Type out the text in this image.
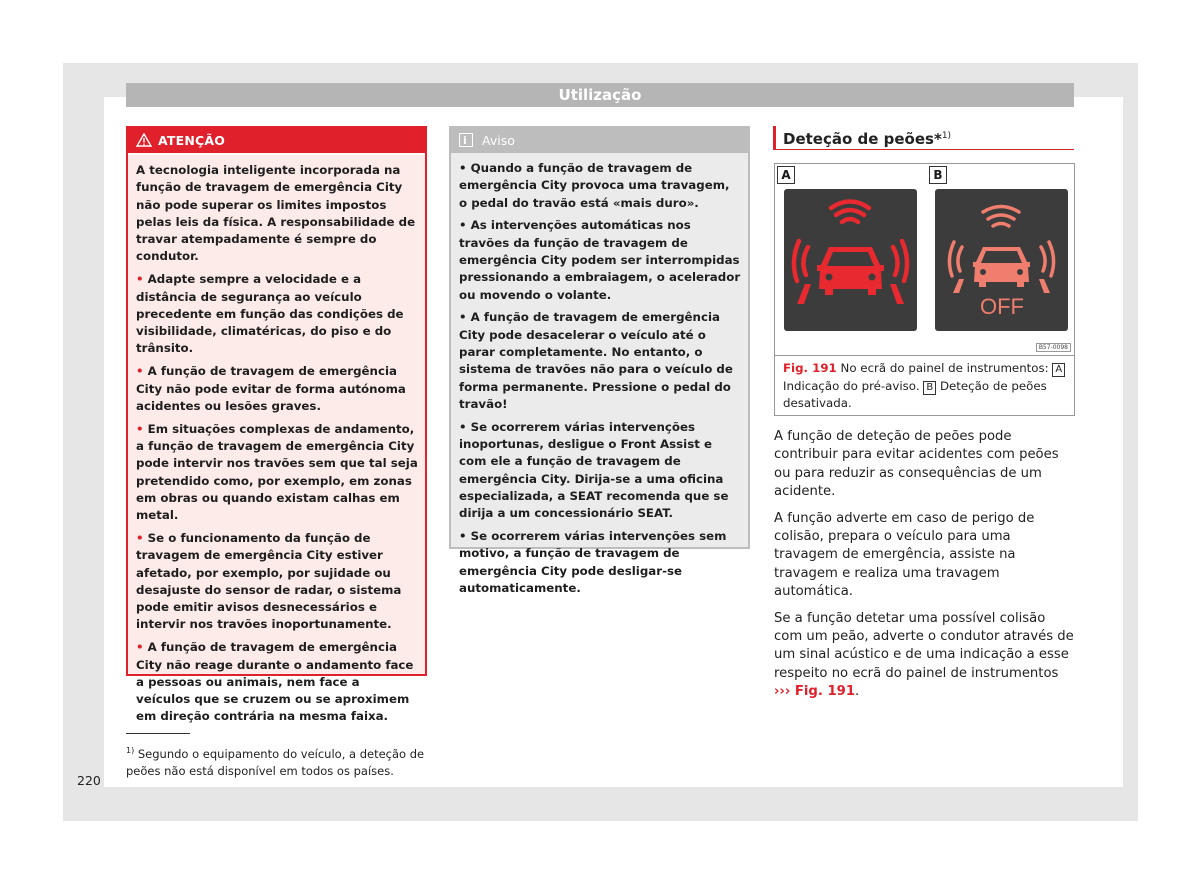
Utilização
ATENÇÃO

A tecnologia inteligente incorporada na função de travagem de emergência City não pode superar os limites impostos pelas leis da física. A responsabilidade de travar atempadamente é sempre do condutor.

• Adapte sempre a velocidade e a distância de segurança ao veículo precedente em função das condições de visibilidade, climatéricas, do piso e do trânsito.

• A função de travagem de emergência City não pode evitar de forma autónoma acidentes ou lesões graves.

• Em situações complexas de andamento, a função de travagem de emergência City pode intervir nos travões sem que tal seja pretendido como, por exemplo, em zonas em obras ou quando existam calhas em metal.

• Se o funcionamento da função de travagem de emergência City estiver afetado, por exemplo, por sujidade ou desajuste do sensor de radar, o sistema pode emitir avisos desnecessários e intervir nos travões inoportunamente.

• A função de travagem de emergência City não reage durante o andamento face a pessoas ou animais, nem face a veículos que se cruzem ou se aproximem em direção contrária na mesma faixa.

iAviso

• Quando a função de travagem de emergência City provoca uma travagem, o pedal do travão está «mais duro».

• As intervenções automáticas nos travões da função de travagem de emergência City podem ser interrompidas pressionando a embraiagem, o acelerador ou movendo o volante.

• A função de travagem de emergência City pode desacelerar o veículo até o parar completamente. No entanto, o sistema de travões não para o veículo de forma permanente. Pressione o pedal do travão!

• Se ocorrerem várias intervenções inoportunas, desligue o Front Assist e com ele a função de travagem de emergência City. Dirija-se a uma oficina especializada, a SEAT recomenda que se dirija a um concessionário SEAT.

• Se ocorrerem várias intervenções sem motivo, a função de travagem de emergência City pode desligar-se automaticamente.

Deteção de peões*$^{1)}$
A	B
OFF
B57-0098
Fig. 191 No ecrã do painel de instrumentos: A Indicação do pré-aviso. B Deteção de peões desativada.

A função de deteção de peões pode contribuir para evitar acidentes com peões ou para reduzir as consequências de um acidente.

A função adverte em caso de perigo de colisão, prepara o veículo para uma travagem de emergência, assiste na travagem e realiza uma travagem automática.

Se a função detetar uma possível colisão com um peão, adverte o condutor através de um sinal acústico e de uma indicação a esse respeito no ecrã do painel de instrumentos
››› Fig. 191.

$^{1)}$ Segundo o equipamento do veículo, a deteção de peões não está disponível em todos os países.
220
